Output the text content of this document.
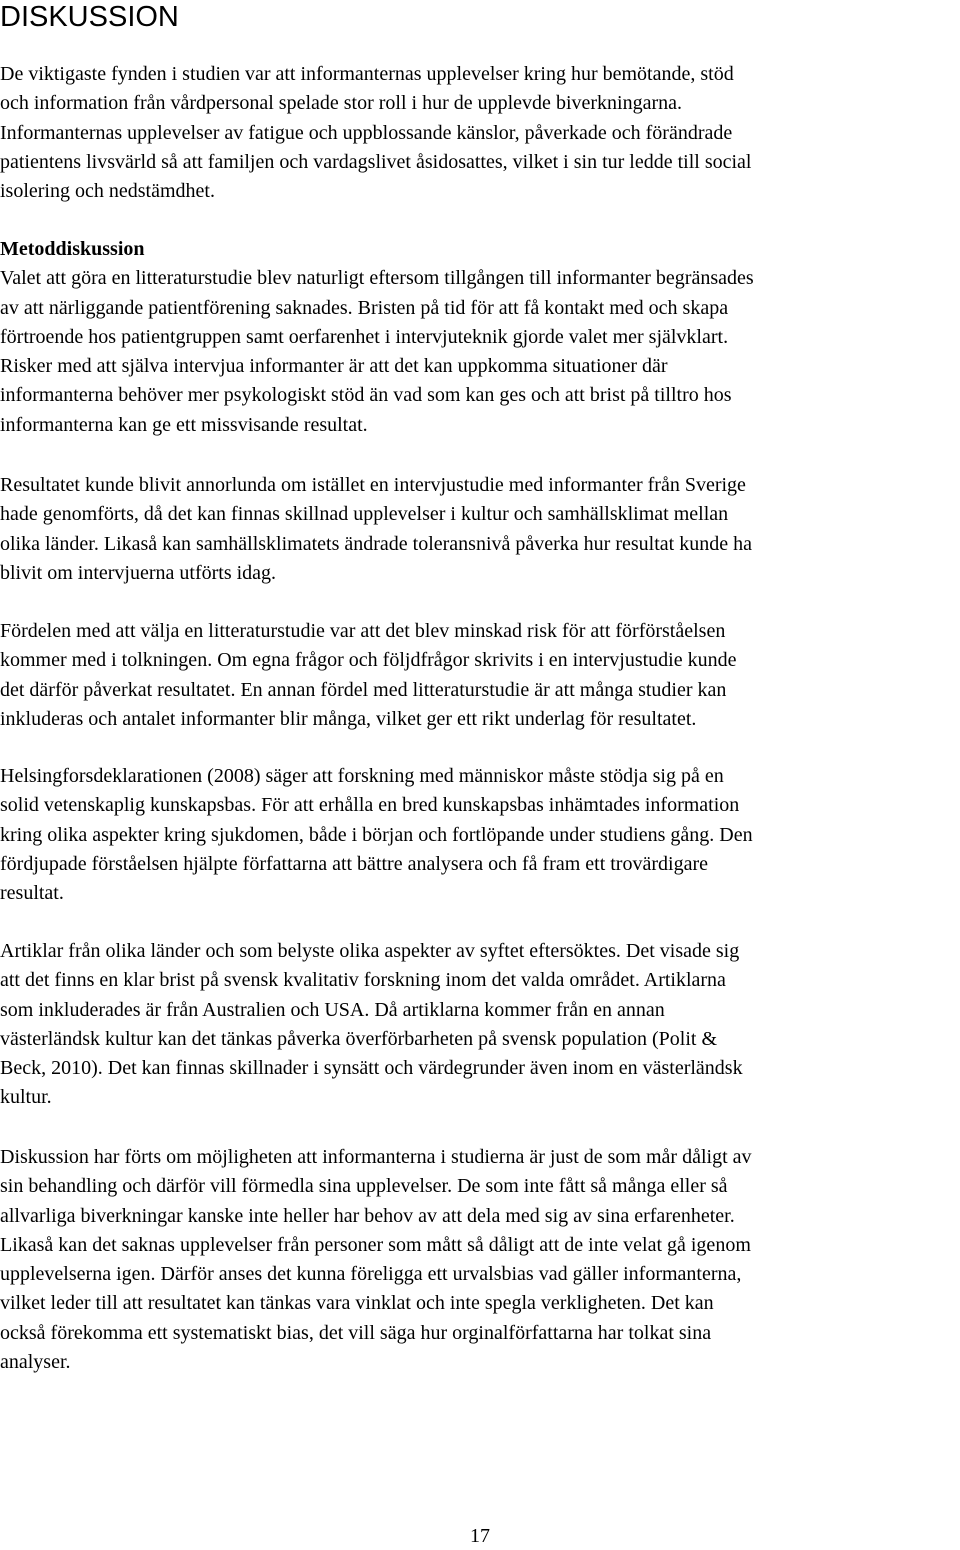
DISKUSSION
De viktigaste fynden i studien var att informanternas upplevelser kring hur bemötande, stöd
och information från vårdpersonal spelade stor roll i hur de upplevde biverkningarna.
Informanternas upplevelser av fatigue och uppblossande känslor, påverkade och förändrade
patientens livsvärld så att familjen och vardagslivet åsidosattes, vilket i sin tur ledde till social
isolering och nedstämdhet.
Metoddiskussion
Valet att göra en litteraturstudie blev naturligt eftersom tillgången till informanter begränsades
av att närliggande patientförening saknades. Bristen på tid för att få kontakt med och skapa
förtroende hos patientgruppen samt oerfarenhet i intervjuteknik gjorde valet mer självklart.
Risker med att själva intervjua informanter är att det kan uppkomma situationer där
informanterna behöver mer psykologiskt stöd än vad som kan ges och att brist på tilltro hos
informanterna kan ge ett missvisande resultat.
Resultatet kunde blivit annorlunda om istället en intervjustudie med informanter från Sverige
hade genomförts, då det kan finnas skillnad upplevelser i kultur och samhällsklimat mellan
olika länder. Likaså kan samhällsklimatets ändrade toleransnivå påverka hur resultat kunde ha
blivit om intervjuerna utförts idag.
Fördelen med att välja en litteraturstudie var att det blev minskad risk för att förförståelsen
kommer med i tolkningen. Om egna frågor och följdfrågor skrivits i en intervjustudie kunde
det därför påverkat resultatet. En annan fördel med litteraturstudie är att många studier kan
inkluderas och antalet informanter blir många, vilket ger ett rikt underlag för resultatet.
Helsingforsdeklarationen (2008) säger att forskning med människor måste stödja sig på en
solid vetenskaplig kunskapsbas. För att erhålla en bred kunskapsbas inhämtades information
kring olika aspekter kring sjukdomen, både i början och fortlöpande under studiens gång. Den
fördjupade förståelsen hjälpte författarna att bättre analysera och få fram ett trovärdigare
resultat.
Artiklar från olika länder och som belyste olika aspekter av syftet eftersöktes. Det visade sig
att det finns en klar brist på svensk kvalitativ forskning inom det valda området. Artiklarna
som inkluderades är från Australien och USA. Då artiklarna kommer från en annan
västerländsk kultur kan det tänkas påverka överförbarheten på svensk population (Polit &
Beck, 2010). Det kan finnas skillnader i synsätt och värdegrunder även inom en västerländsk
kultur.
Diskussion har förts om möjligheten att informanterna i studierna är just de som mår dåligt av
sin behandling och därför vill förmedla sina upplevelser. De som inte fått så många eller så
allvarliga biverkningar kanske inte heller har behov av att dela med sig av sina erfarenheter.
Likaså kan det saknas upplevelser från personer som mått så dåligt att de inte velat gå igenom
upplevelserna igen. Därför anses det kunna föreligga ett urvalsbias vad gäller informanterna,
vilket leder till att resultatet kan tänkas vara vinklat och inte spegla verkligheten. Det kan
också förekomma ett systematiskt bias, det vill säga hur orginalförfattarna har tolkat sina
analyser.

17
